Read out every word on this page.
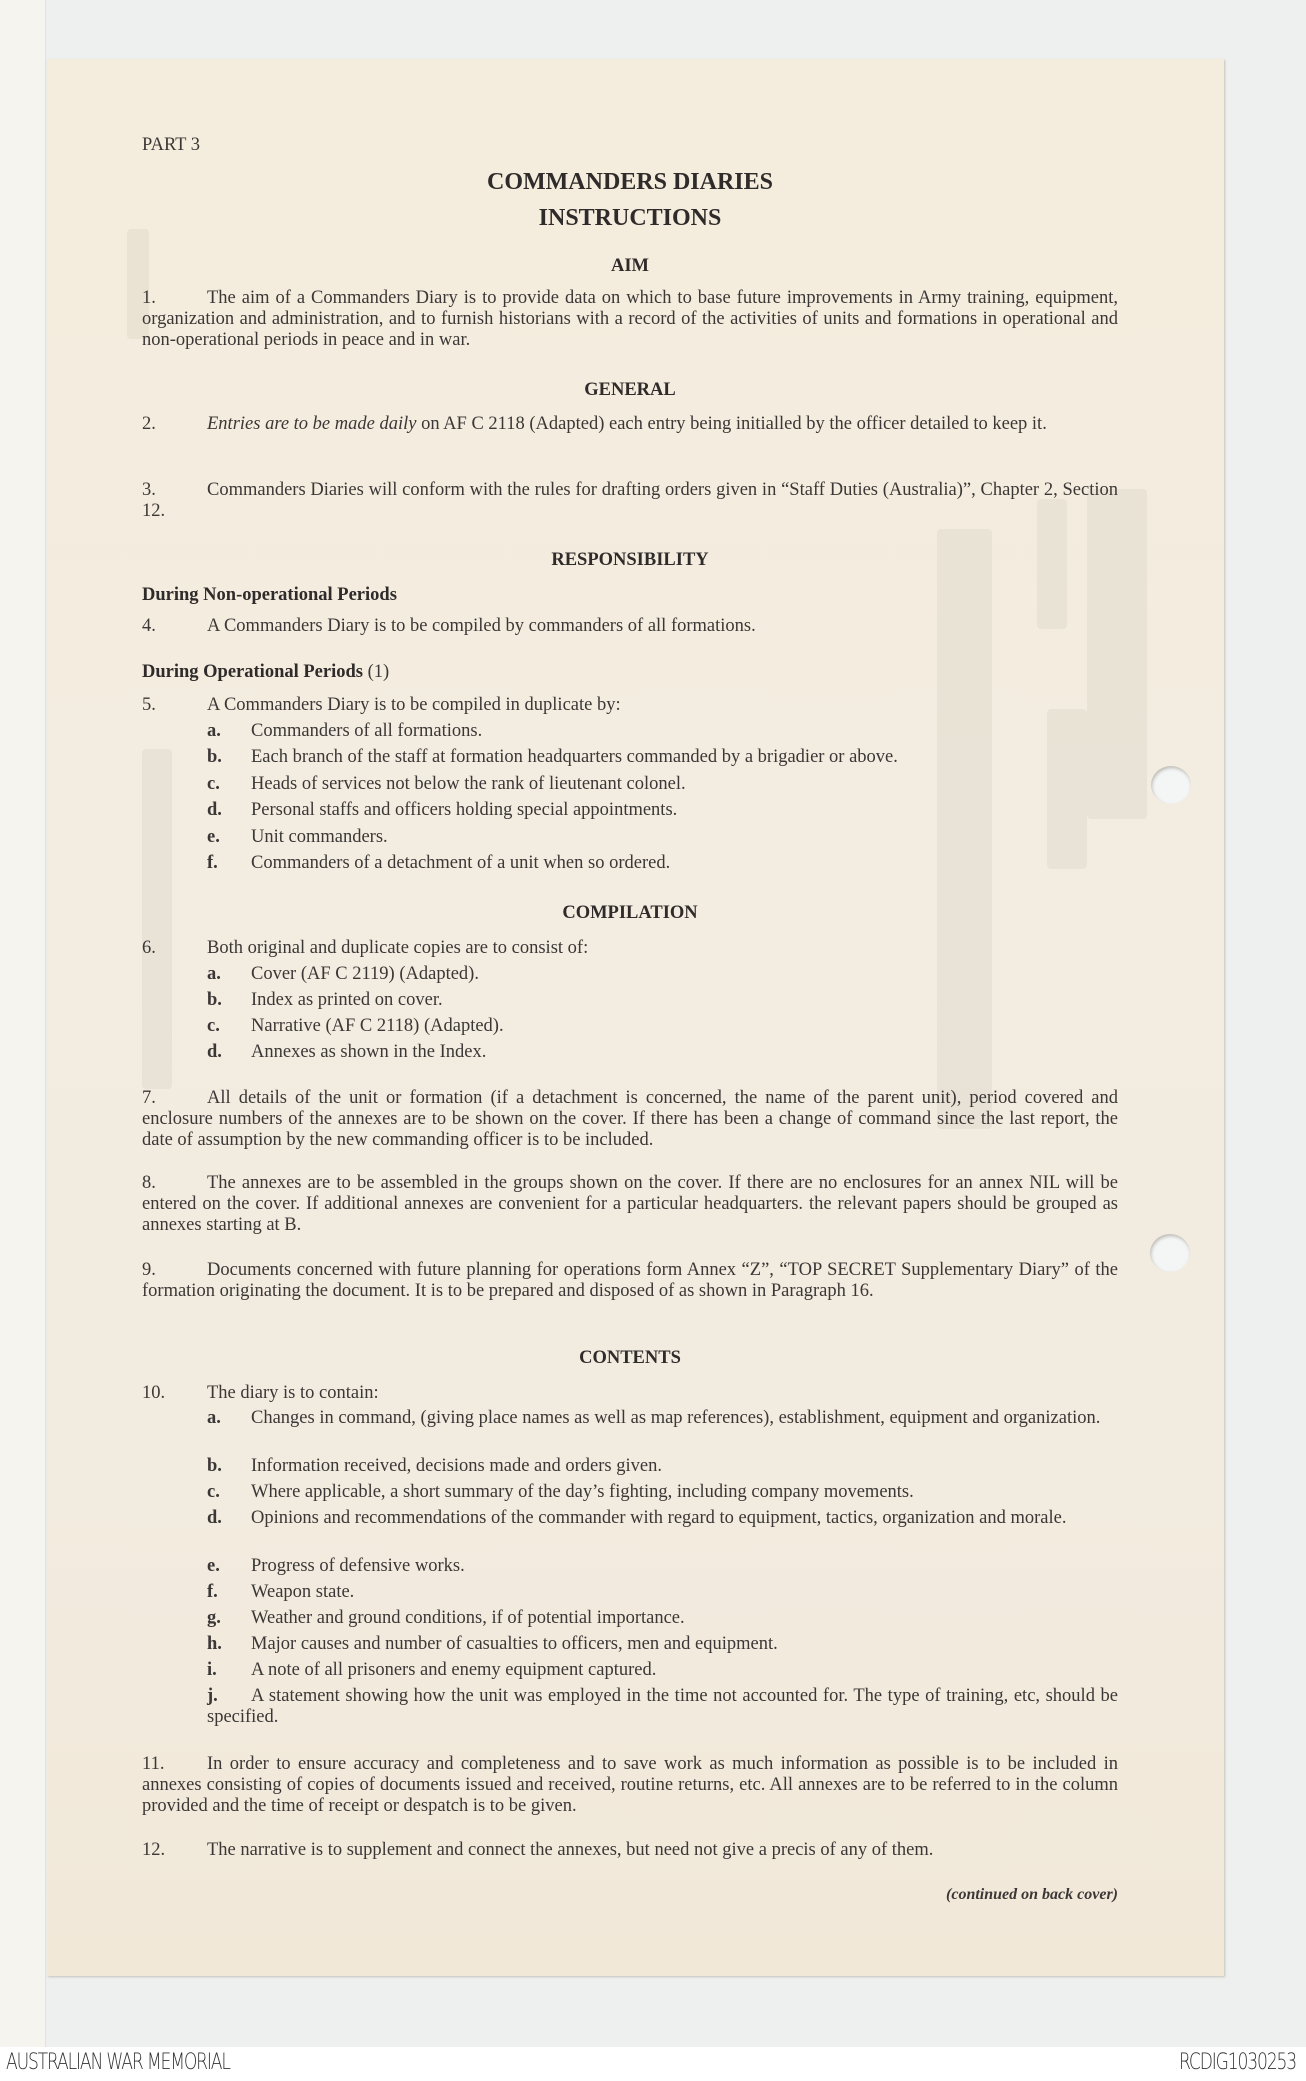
PART 3
COMMANDERS DIARIES
INSTRUCTIONS
AIM
1.	The aim of a Commanders Diary is to provide data on which to base future improvements in Army training, equipment, organization and administration, and to furnish historians with a record of the activities of units and formations in operational and non-operational periods in peace and in war.
GENERAL
2.	Entries are to be made daily on AF C 2118 (Adapted) each entry being initialled by the officer detailed to keep it.
3.	Commanders Diaries will conform with the rules for drafting orders given in “Staff Duties (Australia)”, Chapter 2, Section 12.
RESPONSIBILITY
During Non-operational Periods
4.	A Commanders Diary is to be compiled by commanders of all formations.
During Operational Periods (1)
5.	A Commanders Diary is to be compiled in duplicate by:
a. Commanders of all formations.
b. Each branch of the staff at formation headquarters commanded by a brigadier or above.
c. Heads of services not below the rank of lieutenant colonel.
d. Personal staffs and officers holding special appointments.
e. Unit commanders.
f. Commanders of a detachment of a unit when so ordered.
COMPILATION
6.	Both original and duplicate copies are to consist of:
a. Cover (AF C 2119) (Adapted).
b. Index as printed on cover.
c. Narrative (AF C 2118) (Adapted).
d. Annexes as shown in the Index.
7.	All details of the unit or formation (if a detachment is concerned, the name of the parent unit), period covered and enclosure numbers of the annexes are to be shown on the cover. If there has been a change of command since the last report, the date of assumption by the new commanding officer is to be included.
8.	The annexes are to be assembled in the groups shown on the cover. If there are no enclosures for an annex NIL will be entered on the cover. If additional annexes are convenient for a particular headquarters. the relevant papers should be grouped as annexes starting at B.
9.	Documents concerned with future planning for operations form Annex “Z”, “TOP SECRET Supplementary Diary” of the formation originating the document. It is to be prepared and disposed of as shown in Paragraph 16.
CONTENTS
10. The diary is to contain:
a. Changes in command, (giving place names as well as map references), establishment, equipment and organization.
b. Information received, decisions made and orders given.
c. Where applicable, a short summary of the day’s fighting, including company movements.
d. Opinions and recommendations of the commander with regard to equipment, tactics, organization and morale.
e. Progress of defensive works.
f. Weapon state.
g. Weather and ground conditions, if of potential importance.
h. Major causes and number of casualties to officers, men and equipment.
i. A note of all prisoners and enemy equipment captured.
j. A statement showing how the unit was employed in the time not accounted for. The type of training, etc, should be specified.
11. In order to ensure accuracy and completeness and to save work as much information as possible is to be included in annexes consisting of copies of documents issued and received, routine returns, etc. All annexes are to be referred to in the column provided and the time of receipt or despatch is to be given.
12. The narrative is to supplement and connect the annexes, but need not give a precis of any of them.
(continued on back cover)
AUSTRALIAN WAR MEMORIAL	RCDIG1030253
